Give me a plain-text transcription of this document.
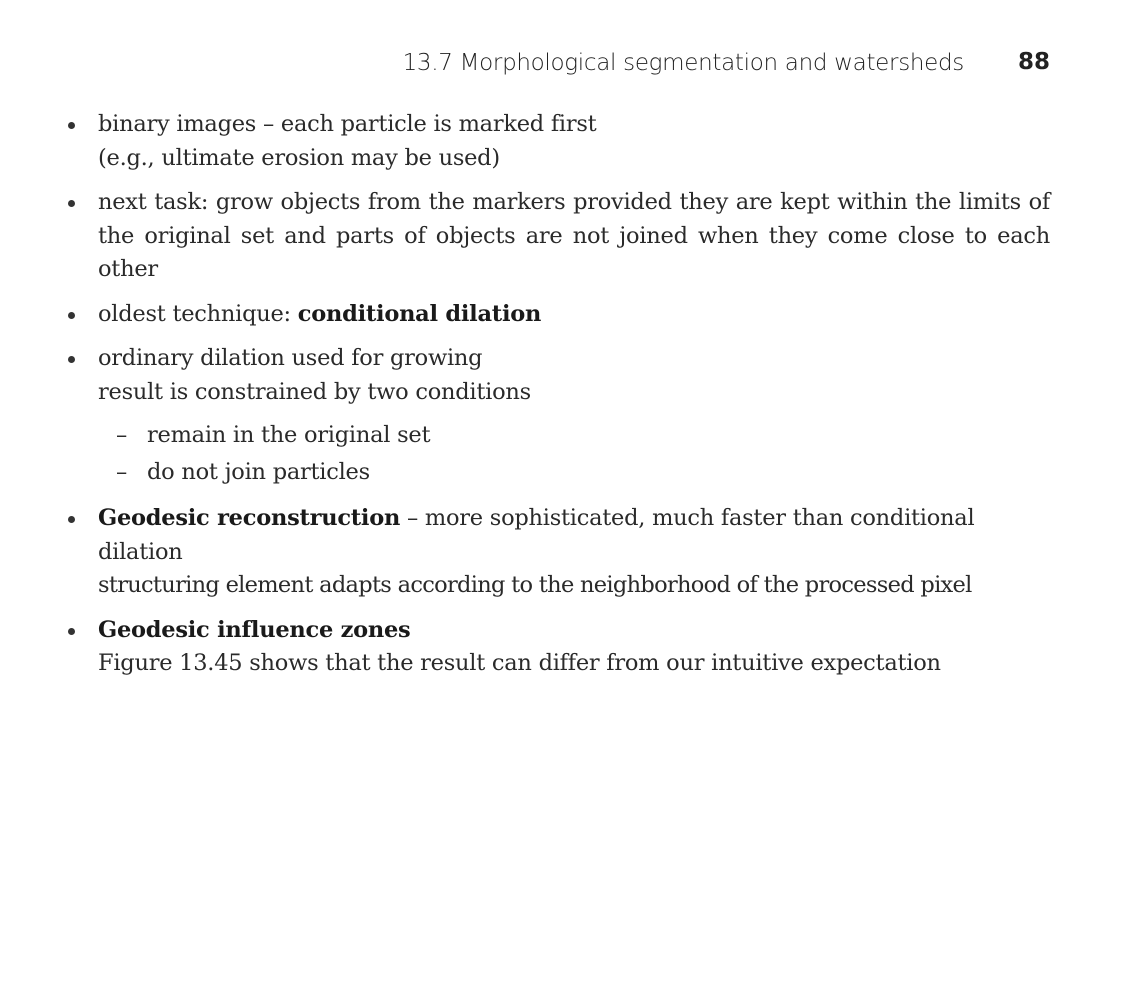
13.7 Morphological segmentation and watersheds 88
binary images – each particle is marked first
(e.g., ultimate erosion may be used)
next task: grow objects from the markers provided they are kept within the limits of the original set and parts of objects are not joined when they come close to each other
oldest technique: conditional dilation
ordinary dilation used for growing
result is constrained by two conditions
– remain in the original set
– do not join particles
Geodesic reconstruction – more sophisticated, much faster than conditional
dilation
structuring element adapts according to the neighborhood of the processed pixel
Geodesic influence zones
Figure 13.45 shows that the result can differ from our intuitive expectation
